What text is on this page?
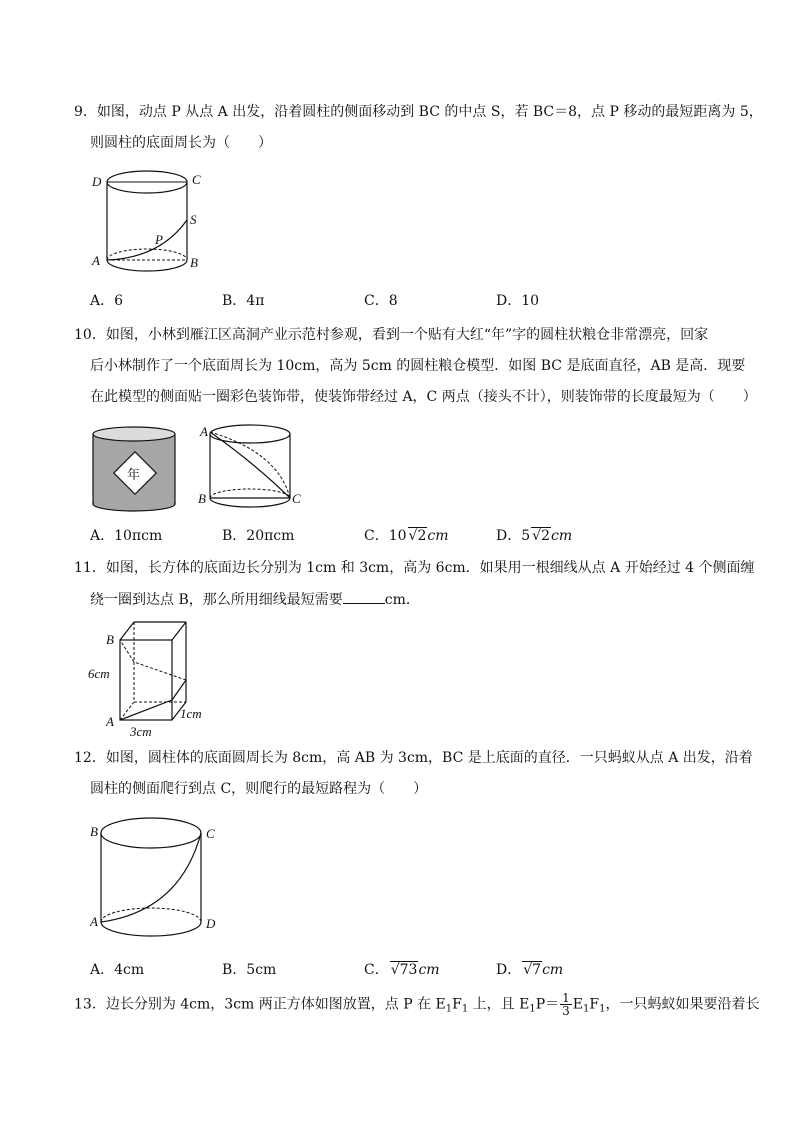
9．如图，动点 P 从点 A 出发，沿着圆柱的侧面移动到 BC 的中点 S，若 BC＝8，点 P 移动的最短距离为 5，
则圆柱的底面周长为（　　）
D	C
S
P
A	B
A．6	B．4π	C．8	D．10
10．如图，小林到雁江区高洞产业示范村参观，看到一个贴有大红“年”字的圆柱状粮仓非常漂亮，回家
后小林制作了一个底面周长为 10cm，高为 5cm 的圆柱粮仓模型．如图 BC 是底面直径，AB 是高．现要
在此模型的侧面贴一圈彩色装饰带，使装饰带经过 A，C 两点（接头不计），则装饰带的长度最短为（　　）
年
A
B	C
A．10πcm	B．20πcm	C．10 √2cm	D．5 √2cm
11．如图，长方体的底面边长分别为 1cm 和 3cm，高为 6cm．如果用一根细线从点 A 开始经过 4 个侧面缠
绕一圈到达点 B，那么所用细线最短需要	cm．
B
6cm
A
1cm
3cm
12．如图，圆柱体的底面圆周长为 8cm，高 AB 为 3cm，BC 是上底面的直径．一只蚂蚁从点 A 出发，沿着
圆柱的侧面爬行到点 C，则爬行的最短路程为（　　）
B	C
A	D
A．4cm	B．5cm	C． √73cm	D． √7cm
13．边长分别为 4cm，3cm 两正方体如图放置，点 P 在 $E_1F_1$ 上，且 $E_1P= \frac{1}{3} E_1F_1$，一只蚂蚁如果要沿着长
